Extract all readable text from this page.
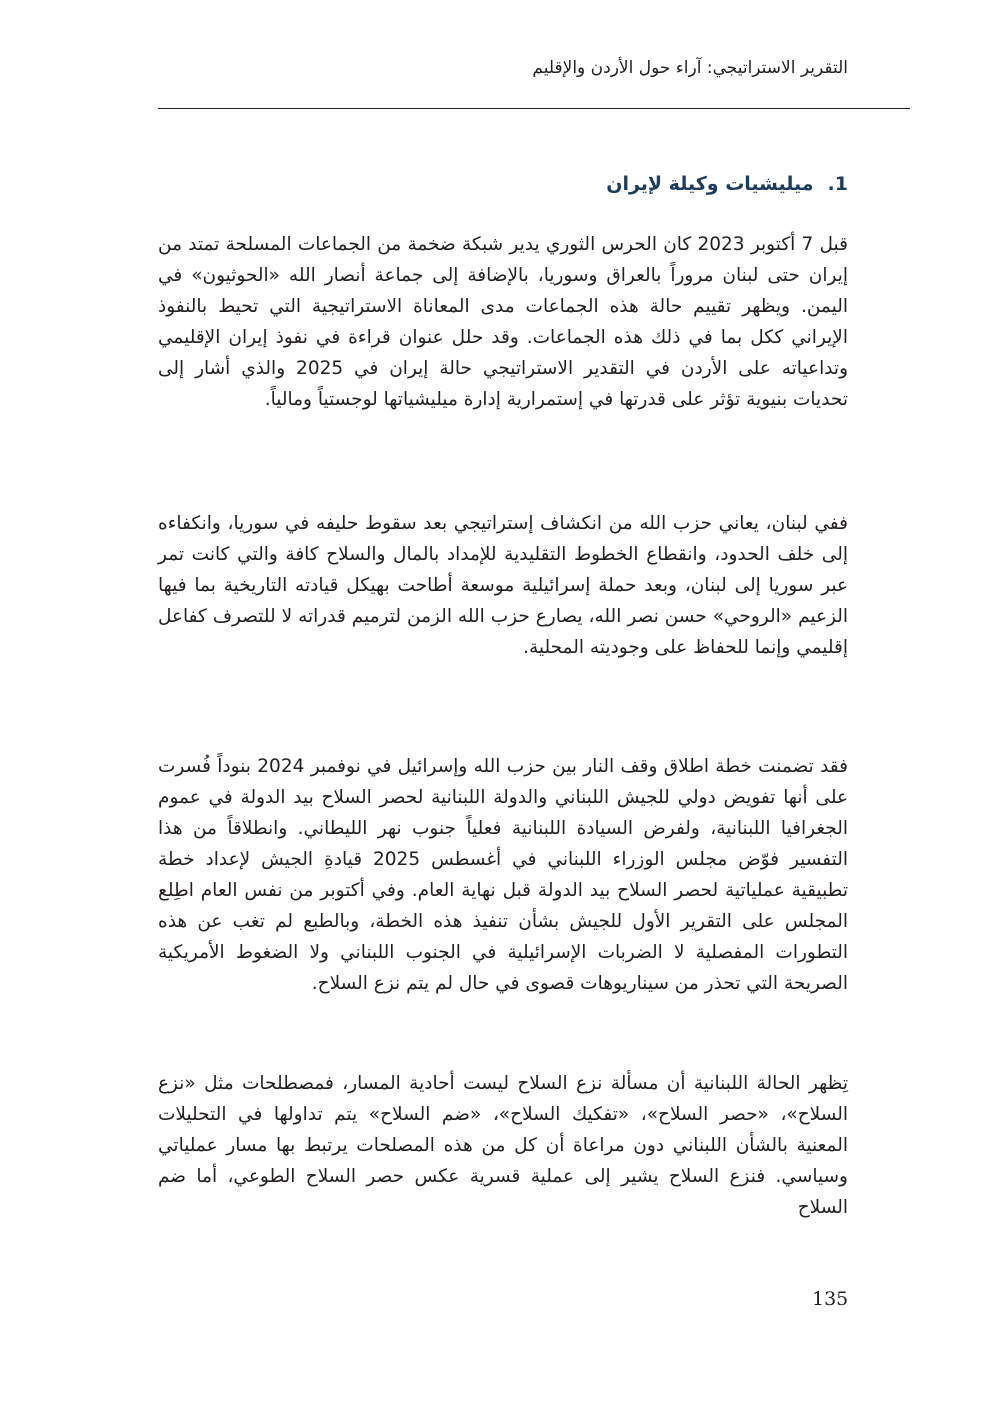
التقرير الاستراتيجي: آراء حول الأردن والإقليم
1.ميليشيات وكيلة لإيران

قبل 7 أكتوبر 2023 كان الحرس الثوري يدير شبكة ضخمة من الجماعات المسلحة تمتد من إيران حتى لبنان مروراً بالعراق وسوريا، بالإضافة إلى جماعة أنصار الله «الحوثيون» في اليمن. ويظهر تقييم حالة هذه الجماعات مدى المعاناة الاستراتيجية التي تحيط بالنفوذ الإيراني ككل بما في ذلك هذه الجماعات. وقد حلل عنوان قراءة في نفوذ إيران الإقليمي وتداعياته على الأردن في التقدير الاستراتيجي حالة إيران في 2025 والذي أشار إلى تحديات بنيوية تؤثر على قدرتها في إستمرارية إدارة ميليشياتها لوجستياً ومالياً.

ففي لبنان، يعاني حزب الله من انكشاف إستراتيجي بعد سقوط حليفه في سوريا، وانكفاءه إلى خلف الحدود، وانقطاع الخطوط التقليدية للإمداد بالمال والسلاح كافة والتي كانت تمر عبر سوريا إلى لبنان، وبعد حملة إسرائيلية موسعة أطاحت بهيكل قيادته التاريخية بما فيها الزعيم «الروحي» حسن نصر الله، يصارع حزب الله الزمن لترميم قدراته لا للتصرف كفاعل إقليمي وإنما للحفاظ على وجوديته المحلية.

فقد تضمنت خطة اطلاق وقف النار بين حزب الله وإسرائيل في نوفمبر 2024 بنوداً فُسرت على أنها تفويض دولي للجيش اللبناني والدولة اللبنانية لحصر السلاح بيد الدولة في عموم الجغرافيا اللبنانية، ولفرض السيادة اللبنانية فعلياً جنوب نهر الليطاني. وانطلاقاً من هذا التفسير فوّض مجلس الوزراء اللبناني في أغسطس 2025 قيادةِ الجيش لإعداد خطة تطبيقية عملياتية لحصر السلاح بيد الدولة قبل نهاية العام. وفي أكتوبر من نفس العام اطِلع المجلس على التقرير الأول للجيش بشأن تنفيذ هذه الخطة، وبالطبع لم تغب عن هذه التطورات المفصلية لا الضربات الإسرائيلية في الجنوب اللبناني ولا الضغوط الأمريكية الصريحة التي تحذر من سيناريوهات قصوى في حال لم يتم نزع السلاح.

تِظهر الحالة اللبنانية أن مسألة نزع السلاح ليست أحادية المسار، فمصطلحات مثل «نزع السلاح»، «حصر السلاح»، «تفكيك السلاح»، «ضم السلاح» يتم تداولها في التحليلات المعنية بالشأن اللبناني دون مراعاة أن كل من هذه المصلحات يرتبط بها مسار عملياتي وسياسي. فنزع السلاح يشير إلى عملية قسرية عكس حصر السلاح الطوعي، أما ضم السلاح

135
